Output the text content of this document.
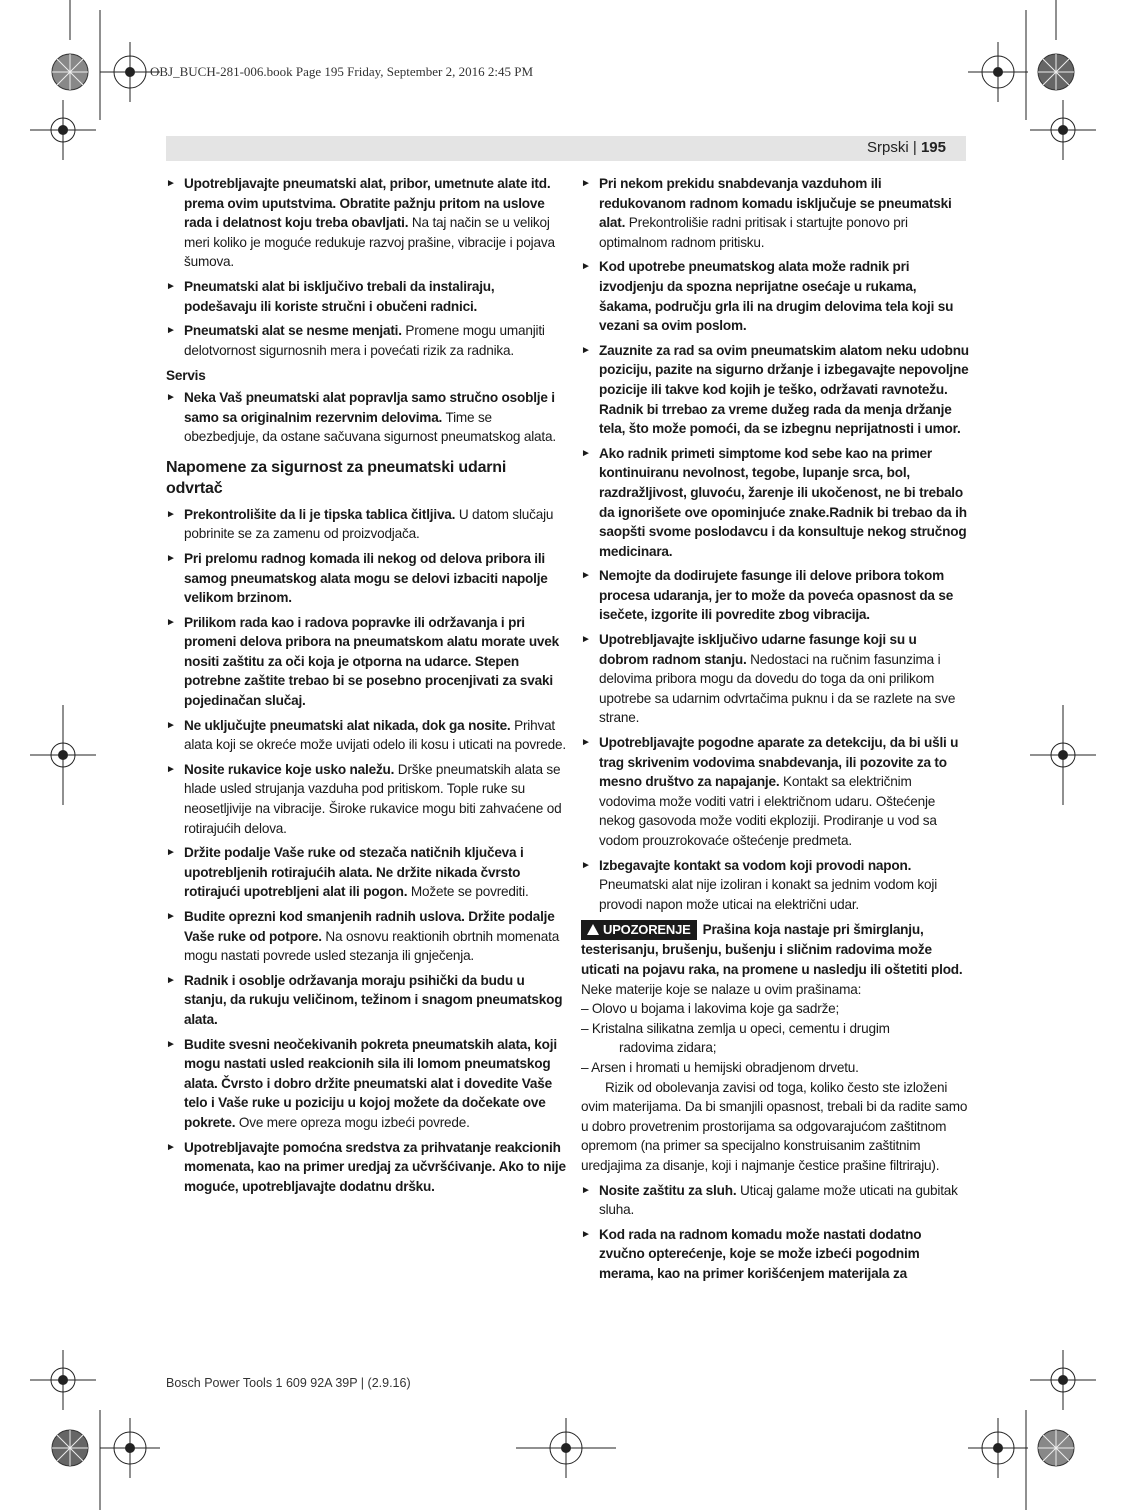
OBJ_BUCH-281-006.book Page 195 Friday, September 2, 2016 2:45 PM
Srpski | 195
► Upotrebljavajte pneumatski alat, pribor, umetnute alate itd. prema ovim uputstvima. Obratite pažnju pritom na uslove rada i delatnost koju treba obavljati. Na taj način se u velikoj meri koliko je moguće redukuje razvoj prašine, vibracije i pojava šumova.
► Pneumatski alat bi isključivo trebali da instaliraju, podešavaju ili koriste stručni i obučeni radnici.
► Pneumatski alat se nesme menjati. Promene mogu umanjiti delotvornost sigurnosnih mera i povećati rizik za radnika.
Servis
► Neka Vaš pneumatski alat popravlja samo stručno osoblje i samo sa originalnim rezervnim delovima. Time se obezbedjuje, da ostane sačuvana sigurnost pneumatskog alata.
Napomene za sigurnost za pneumatski udarni odvrtač
► Prekontrolišite da li je tipska tablica čitljiva. U datom slučaju pobrinite se za zamenu od proizvodjača.
► Pri prelomu radnog komada ili nekog od delova pribora ili samog pneumatskog alata mogu se delovi izbaciti napolje velikom brzinom.
► Prilikom rada kao i radova popravke ili održavanja i pri promeni delova pribora na pneumatskom alatu morate uvek nositi zaštitu za oči koja je otporna na udarce. Stepen potrebne zaštite trebao bi se posebno procenjivati za svaki pojedinačan slučaj.
► Ne uključujte pneumatski alat nikada, dok ga nosite. Prihvat alata koji se okreće može uvijati odelo ili kosu i uticati na povrede.
► Nosite rukavice koje usko naležu. Drške pneumatskih alata se hlade usled strujanja vazduha pod pritiskom. Tople ruke su neosetljivije na vibracije. Široke rukavice mogu biti zahvaćene od rotirajućih delova.
► Držite podalje Vaše ruke od stezača natičnih ključeva i upotrebljenih rotirajućih alata. Ne držite nikada čvrsto rotirajući upotrebljeni alat ili pogon. Možete se povrediti.
► Budite oprezni kod smanjenih radnih uslova. Držite podalje Vaše ruke od potpore. Na osnovu reaktionih obrtnih momenata mogu nastati povrede usled stezanja ili gnječenja.
► Radnik i osoblje održavanja moraju psihički da budu u stanju, da rukuju veličinom, težinom i snagom pneumatskog alata.
► Budite svesni neočekivanih pokreta pneumatskih alata, koji mogu nastati usled reakcionih sila ili lomom pneumatskog alata. Čvrsto i dobro držite pneumatski alat i dovedite Vaše telo i Vaše ruke u poziciju u kojoj možete da dočekate ove pokrete. Ove mere opreza mogu izbeći povrede.
► Upotrebljavajte pomoćna sredstva za prihvatanje reakcionih momenata, kao na primer uredjaj za učvršćivanje. Ako to nije moguće, upotrebljavajte dodatnu dršku.
► Pri nekom prekidu snabdevanja vazduhom ili redukovanom radnom komadu isključuje se pneumatski alat. Prekontrolišie radni pritisak i startujte ponovo pri optimalnom radnom pritisku.
► Kod upotrebe pneumatskog alata može radnik pri izvodjenju da spozna neprijatne osećaje u rukama, šakama, području grla ili na drugim delovima tela koji su vezani sa ovim poslom.
► Zauznite za rad sa ovim pneumatskim alatom neku udobnu poziciju, pazite na sigurno držanje i izbegavajte nepovoljne pozicije ili takve kod kojih je teško, održavati ravnotežu. Radnik bi trrebao za vreme dužeg rada da menja držanje tela, što može pomoći, da se izbegnu neprijatnosti i umor.
► Ako radnik primeti simptome kod sebe kao na primer kontinuiranu nevolnost, tegobe, lupanje srca, bol, razdražljivost, gluvoću, žarenje ili ukočenost, ne bi trebalo da ignorišete ove opominjuće znake.Radnik bi trebao da ih saopšti svome poslodavcu i da konsultuje nekog stručnog medicinara.
► Nemojte da dodirujete fasunge ili delove pribora tokom procesa udaranja, jer to može da poveća opasnost da se isečete, izgorite ili povredite zbog vibracija.
► Upotrebljavajte isključivo udarne fasunge koji su u dobrom radnom stanju. Nedostaci na ručnim fasunzima i delovima pribora mogu da dovedu do toga da oni prilikom upotrebe sa udarnim odvrtačima puknu i da se razlete na sve strane.
► Upotrebljavajte pogodne aparate za detekciju, da bi ušli u trag skrivenim vodovima snabdevanja, ili pozovite za to mesno društvo za napajanje. Kontakt sa električnim vodovima može voditi vatri i električnom udaru. Oštećenje nekog gasovoda može voditi ekploziji. Prodiranje u vod sa vodom prouzrokovaće oštećenje predmeta.
► Izbegavajte kontakt sa vodom koji provodi napon. Pneumatski alat nije izoliran i konakt sa jednim vodom koji provodi napon može uticai na električni udar.
UPOZORENJE Prašina koja nastaje pri šmirglanju, testerisanju, brušenju, bušenju i sličnim radovima može uticati na pojavu raka, na promene u nasledju ili oštetiti plod. Neke materije koje se nalaze u ovim prašinama:
– Olovo u bojama i lakovima koje ga sadrže;
– Kristalna silikatna zemlja u opeci, cementu i drugim
radovima zidara;
– Arsen i hromati u hemijski obradjenom drvetu.
Rizik od obolevanja zavisi od toga, koliko često ste izloženi ovim materijama. Da bi smanjili opasnost, trebali bi da radite samo u dobro provetrenim prostorijama sa odgovarajućom zaštitnom opremom (na primer sa specijalno konstruisanim zaštitnim uredjajima za disanje, koji i najmanje čestice prašine filtriraju).
► Nosite zaštitu za sluh. Uticaj galame može uticati na gubitak sluha.
► Kod rada na radnom komadu može nastati dodatno zvučno opterećenje, koje se može izbeći pogodnim merama, kao na primer korišćenjem materijala za
Bosch Power Tools 1 609 92A 39P | (2.9.16)
